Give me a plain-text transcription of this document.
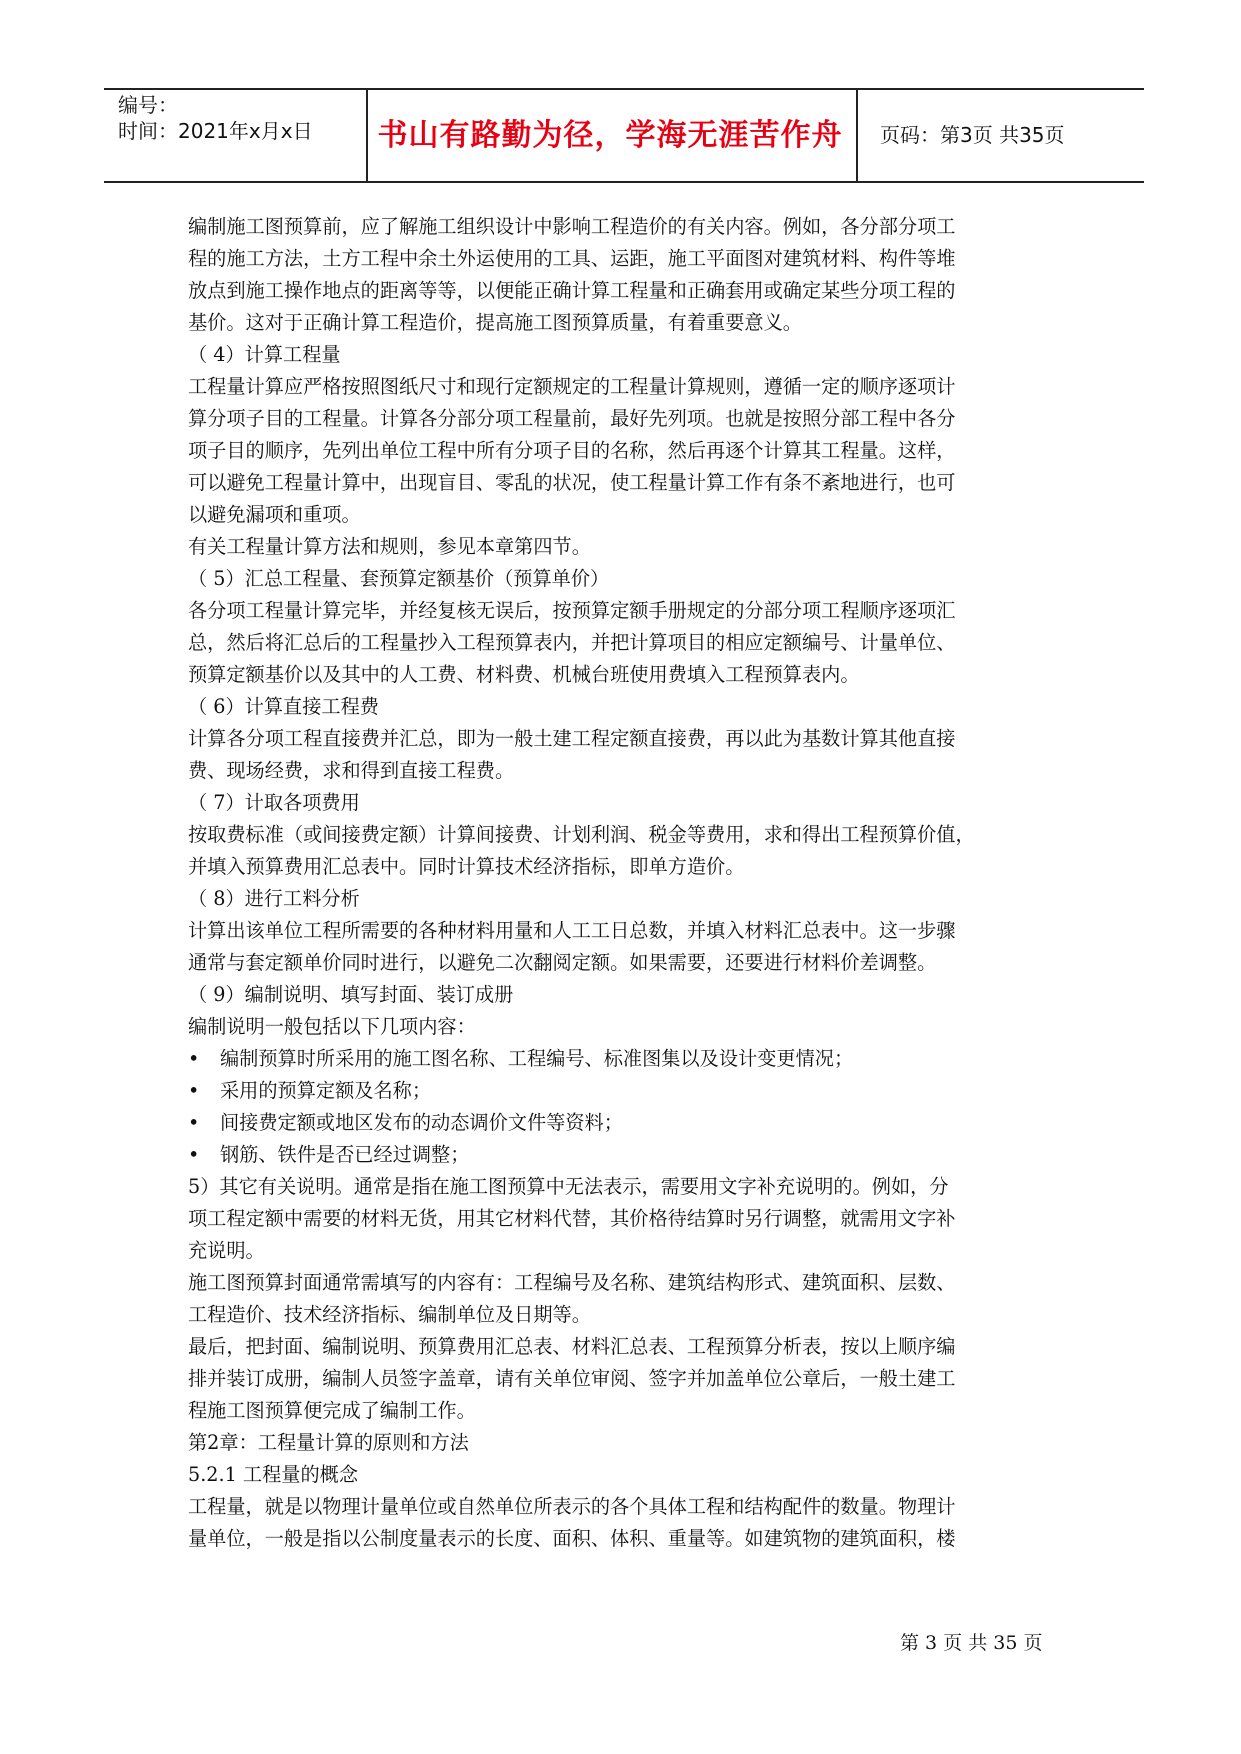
编号：
时间：2021年x月x日 书山有路勤为径，学海无涯苦作舟	页码：第3页 共35页

编制施工图预算前，应了解施工组织设计中影响工程造价的有关内容。例如，各分部分项工

程的施工方法，土方工程中余土外运使用的工具、运距，施工平面图对建筑材料、构件等堆

放点到施工操作地点的距离等等，以便能正确计算工程量和正确套用或确定某些分项工程的

基价。这对于正确计算工程造价，提高施工图预算质量，有着重要意义。

（ 4）计算工程量

工程量计算应严格按照图纸尺寸和现行定额规定的工程量计算规则，遵循一定的顺序逐项计

算分项子目的工程量。计算各分部分项工程量前，最好先列项。也就是按照分部工程中各分

项子目的顺序，先列出单位工程中所有分项子目的名称，然后再逐个计算其工程量。这样，

可以避免工程量计算中，出现盲目、零乱的状况，使工程量计算工作有条不紊地进行，也可

以避免漏项和重项。

有关工程量计算方法和规则，参见本章第四节。

（ 5）汇总工程量、套预算定额基价（预算单价）

各分项工程量计算完毕，并经复核无误后，按预算定额手册规定的分部分项工程顺序逐项汇

总，然后将汇总后的工程量抄入工程预算表内，并把计算项目的相应定额编号、计量单位、

预算定额基价以及其中的人工费、材料费、机械台班使用费填入工程预算表内。

（ 6）计算直接工程费

计算各分项工程直接费并汇总，即为一般土建工程定额直接费，再以此为基数计算其他直接

费、现场经费，求和得到直接工程费。

（ 7）计取各项费用

按取费标准（或间接费定额）计算间接费、计划利润、税金等费用，求和得出工程预算价值，

并填入预算费用汇总表中。同时计算技术经济指标，即单方造价。

（ 8）进行工料分析

计算出该单位工程所需要的各种材料用量和人工工日总数，并填入材料汇总表中。这一步骤

通常与套定额单价同时进行，以避免二次翻阅定额。如果需要，还要进行材料价差调整。

（ 9）编制说明、填写封面、装订成册

编制说明一般包括以下几项内容：

• 编制预算时所采用的施工图名称、工程编号、标准图集以及设计变更情况；

• 采用的预算定额及名称；

• 间接费定额或地区发布的动态调价文件等资料；

• 钢筋、铁件是否已经过调整；

5）其它有关说明。通常是指在施工图预算中无法表示，需要用文字补充说明的。例如，分

项工程定额中需要的材料无货，用其它材料代替，其价格待结算时另行调整，就需用文字补

充说明。

施工图预算封面通常需填写的内容有：工程编号及名称、建筑结构形式、建筑面积、层数、

工程造价、技术经济指标、编制单位及日期等。

最后，把封面、编制说明、预算费用汇总表、材料汇总表、工程预算分析表，按以上顺序编

排并装订成册，编制人员签字盖章，请有关单位审阅、签字并加盖单位公章后，一般土建工

程施工图预算便完成了编制工作。

第2章：工程量计算的原则和方法

5.2.1 工程量的概念

工程量，就是以物理计量单位或自然单位所表示的各个具体工程和结构配件的数量。物理计

量单位，一般是指以公制度量表示的长度、面积、体积、重量等。如建筑物的建筑面积，楼

第 3 页 共 35 页
